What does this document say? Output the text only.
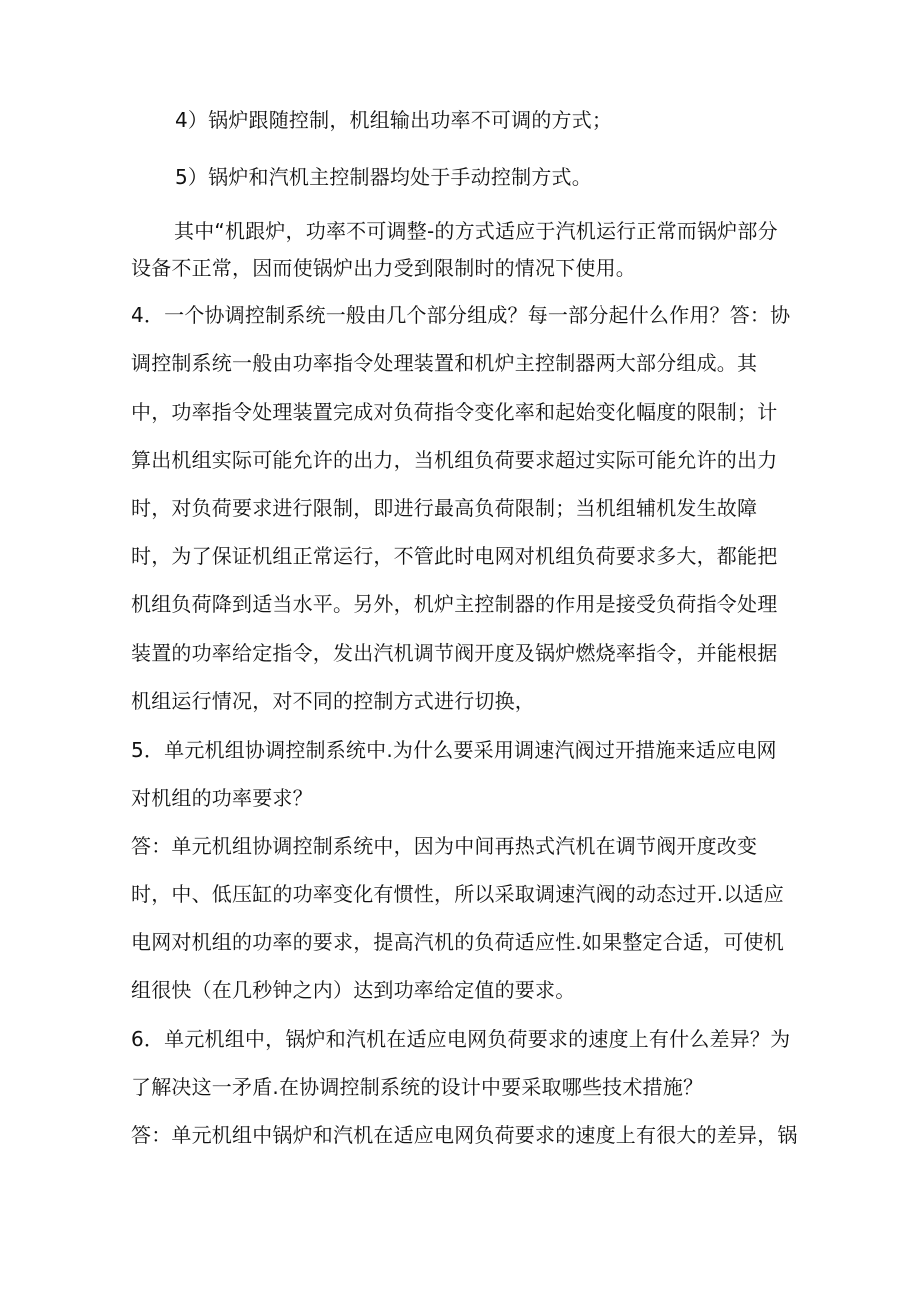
4）锅炉跟随控制，机组输出功率不可调的方式；
5）锅炉和汽机主控制器均处于手动控制方式。
其中“机跟炉，功率不可调整-的方式适应于汽机运行正常而锅炉部分
设备不正常，因而使锅炉出力受到限制时的情况下使用。
4．一个协调控制系统一般由几个部分组成？每一部分起什么作用？答：协
调控制系统一般由功率指令处理装置和机炉主控制器两大部分组成。其
中，功率指令处理装置完成对负荷指令变化率和起始变化幅度的限制；计
算出机组实际可能允许的出力，当机组负荷要求超过实际可能允许的出力
时，对负荷要求进行限制，即进行最高负荷限制；当机组辅机发生故障
时，为了保证机组正常运行，不管此时电网对机组负荷要求多大，都能把
机组负荷降到适当水平。另外，机炉主控制器的作用是接受负荷指令处理
装置的功率给定指令，发出汽机调节阀开度及锅炉燃烧率指令，并能根据
机组运行情况，对不同的控制方式进行切换，
5．单元机组协调控制系统中.为什么要采用调速汽阀过开措施来适应电网
对机组的功率要求？
答：单元机组协调控制系统中，因为中间再热式汽机在调节阀开度改变
时，中、低压缸的功率变化有惯性，所以采取调速汽阀的动态过开.以适应
电网对机组的功率的要求，提高汽机的负荷适应性.如果整定合适，可使机
组很快（在几秒钟之内）达到功率给定值的要求。
6．单元机组中，锅炉和汽机在适应电网负荷要求的速度上有什么差异？为
了解决这一矛盾.在协调控制系统的设计中要采取哪些技术措施？
答：单元机组中锅炉和汽机在适应电网负荷要求的速度上有很大的差异，锅
